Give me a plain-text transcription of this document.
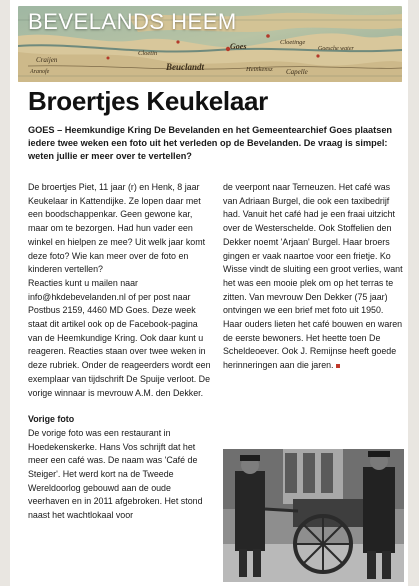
Craijen
Cloetin
Cloetinge
Beuclandt	Heinkensz Capelle
Goes	Goesche water
Aranofe
BEVELANDS HEEM
Broertjes Keukelaar
GOES – Heemkundige Kring De Bevelanden en het Gemeentearchief Goes plaatsen iedere twee weken een foto uit het verleden op de Bevelanden. De vraag is simpel: weten jullie er meer over te vertellen?

De broertjes Piet, 11 jaar (r) en Henk, 8 jaar Keukelaar in Kattendijke. Ze lopen daar met een boodschappenkar. Geen gewone kar, maar om te bezorgen. Had hun vader een winkel en hielpen ze mee? Uit welk jaar komt deze foto? Wie kan meer over de foto en kinderen vertellen?

Reacties kunt u mailen naar info@hkdebevelanden.nl of per post naar Postbus 2159, 4460 MD Goes. Deze week staat dit artikel ook op de Facebook-pagina van de Heemkundige Kring. Ook daar kunt u reageren. Reacties staan over twee weken in deze rubriek. Onder de reageerders wordt een exemplaar van tijdschrift De Spuije verloot. De vorige winnaar is mevrouw A.M. den Dekker.

Vorige foto

De vorige foto was een restaurant in Hoedekenskerke. Hans Vos schrijft dat het meer een café was. De naam was 'Café de Steiger'. Het werd kort na de Tweede Wereldoorlog gebouwd aan de oude veerhaven en in 2011 afgebroken. Het stond naast het wachtlokaal voor

de veerpont naar Terneuzen. Het café was van Adriaan Burgel, die ook een taxibedrijf had. Vanuit het café had je een fraai uitzicht over de Westerschelde. Ook Stoffelien den Dekker noemt 'Arjaan' Burgel. Haar broers gingen er vaak naartoe voor een frietje. Ko Wisse vindt de sluiting een groot verlies, want het was een mooie plek om op het terras te zitten. Van mevrouw Den Dekker (75 jaar) ontvingen we een brief met foto uit 1950. Haar ouders lieten het café bouwen en waren de eerste bewoners. Het heette toen De Scheldeoever. Ook J. Remijnse heeft goede herinneringen aan die jaren.
